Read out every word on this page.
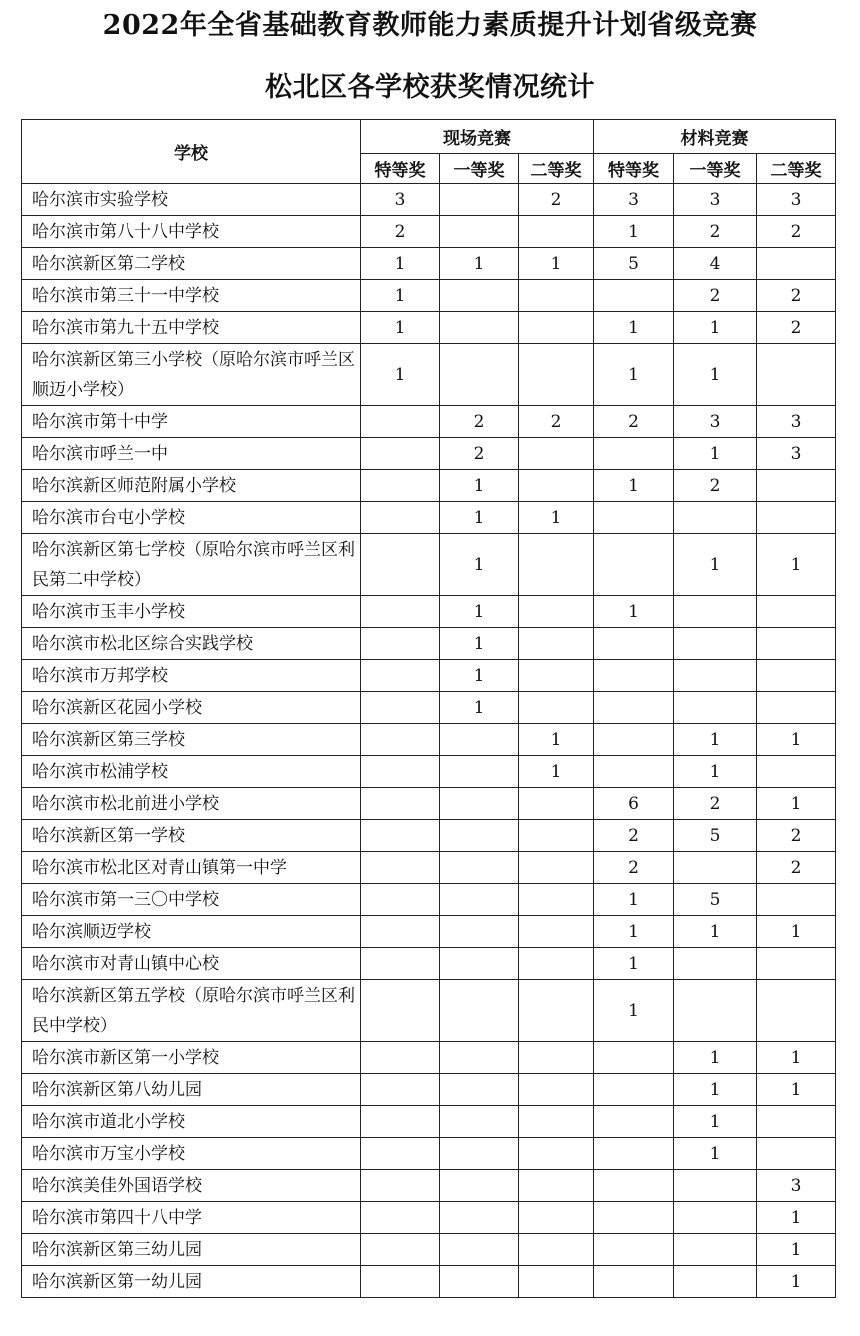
2022年全省基础教育教师能力素质提升计划省级竞赛
松北区各学校获奖情况统计
学校	现场竞赛			材料竞赛		
	特等奖	一等奖	二等奖	特等奖	一等奖	二等奖
哈尔滨市实验学校	3		2	3	3	3
哈尔滨市第八十八中学校	2			1	2	2
哈尔滨新区第二学校	1	1	1	5	4	
哈尔滨市第三十一中学校	1				2	2
哈尔滨市第九十五中学校	1			1	1	2
哈尔滨新区第三小学校（原哈尔滨市呼兰区顺迈小学校）	1			1	1	
哈尔滨市第十中学		2	2	2	3	3
哈尔滨市呼兰一中		2			1	3
哈尔滨新区师范附属小学校		1		1	2	
哈尔滨市台屯小学校		1	1			
哈尔滨新区第七学校（原哈尔滨市呼兰区利民第二中学校）		1			1	1
哈尔滨市玉丰小学校		1		1		
哈尔滨市松北区综合实践学校		1				
哈尔滨市万邦学校		1				
哈尔滨新区花园小学校		1				
哈尔滨新区第三学校			1		1	1
哈尔滨市松浦学校			1		1	
哈尔滨市松北前进小学校				6	2	1
哈尔滨新区第一学校				2	5	2
哈尔滨市松北区对青山镇第一中学				2		2
哈尔滨市第一三〇中学校				1	5	
哈尔滨顺迈学校				1	1	1
哈尔滨市对青山镇中心校				1		
哈尔滨新区第五学校（原哈尔滨市呼兰区利民中学校）				1		
哈尔滨市新区第一小学校					1	1
哈尔滨新区第八幼儿园					1	1
哈尔滨市道北小学校					1	
哈尔滨市万宝小学校					1	
哈尔滨美佳外国语学校						3
哈尔滨市第四十八中学						1
哈尔滨新区第三幼儿园						1
哈尔滨新区第一幼儿园						1
